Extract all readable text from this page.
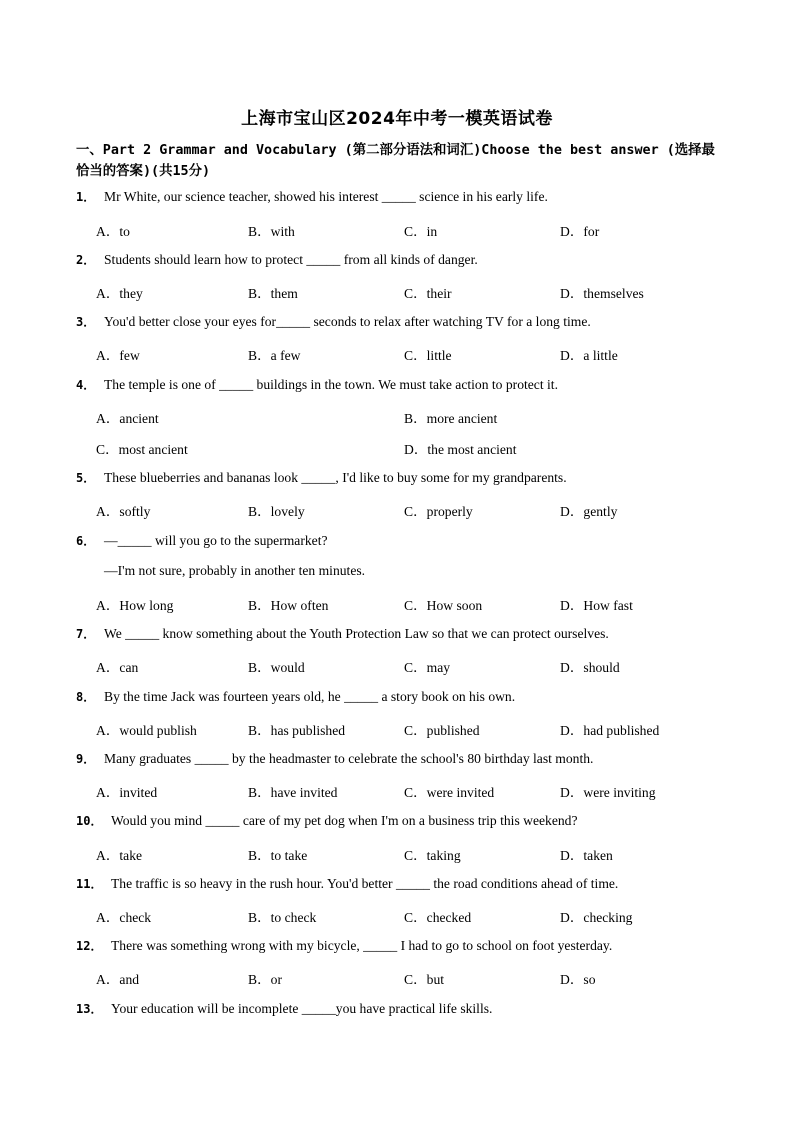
上海市宝山区2024年中考一模英语试卷
一、Part 2 Grammar and Vocabulary (第二部分语法和词汇)Choose the best answer (选择最恰当的答案)(共15分)
1． Mr White, our science teacher, showed his interest _____ science in his early life.
A．to	B．with	C．in	D．for
2． Students should learn how to protect _____ from all kinds of danger.
A．they	B．them	C．their	D．themselves
3． You'd better close your eyes for_____ seconds to relax after watching TV for a long time.
A．few	B．a few	C．little	D．a little
4． The temple is one of _____ buildings in the town. We must take action to protect it.
A．ancient	B．more ancient
C．most ancient	D．the most ancient
5． These blueberries and bananas look _____, I'd like to buy some for my grandparents.
A．softly	B．lovely	C．properly	D．gently
6． —_____ will you go to the supermarket?
—I'm not sure, probably in another ten minutes.
A．How long	B．How often	C．How soon	D．How fast
7． We _____ know something about the Youth Protection Law so that we can protect ourselves.
A．can	B．would	C．may	D．should
8． By the time Jack was fourteen years old, he _____ a story book on his own.
A．would publish	B．has published	C．published	D．had published
9． Many graduates _____ by the headmaster to celebrate the school's 80 birthday last month.
A．invited	B．have invited	C．were invited	D．were inviting
10． Would you mind _____ care of my pet dog when I'm on a business trip this weekend?
A．take	B．to take	C．taking	D．taken
11． The traffic is so heavy in the rush hour. You'd better _____ the road conditions ahead of time.
A．check	B．to check	C．checked	D．checking
12． There was something wrong with my bicycle, _____ I had to go to school on foot yesterday.
A．and	B．or	C．but	D．so
13． Your education will be incomplete _____you have practical life skills.
